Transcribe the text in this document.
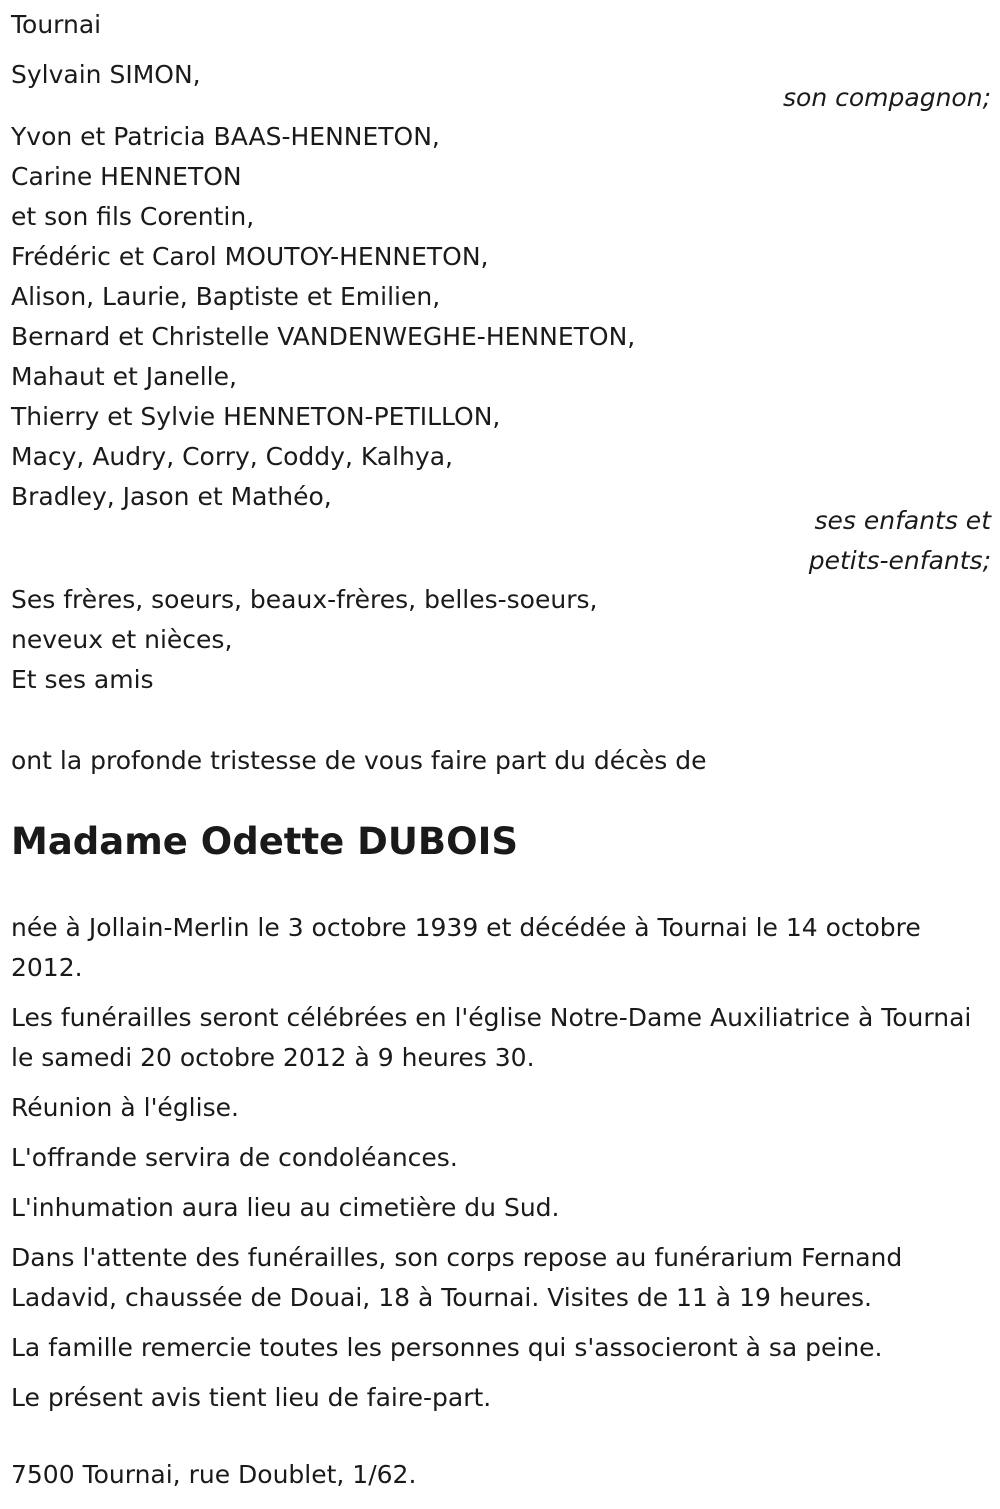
Tournai
Sylvain SIMON,
son compagnon;
Yvon et Patricia BAAS-HENNETON,
Carine HENNETON
et son fils Corentin,
Frédéric et Carol MOUTOY-HENNETON,
Alison, Laurie, Baptiste et Emilien,
Bernard et Christelle VANDENWEGHE-HENNETON,
Mahaut et Janelle,
Thierry et Sylvie HENNETON-PETILLON,
Macy, Audry, Corry, Coddy, Kalhya,
Bradley, Jason et Mathéo,
ses enfants et
petits-enfants;
Ses frères, soeurs, beaux-frères, belles-soeurs,
neveux et nièces,
Et ses amis
ont la profonde tristesse de vous faire part du décès de
Madame Odette DUBOIS

née à Jollain-Merlin le 3 octobre 1939 et décédée à Tournai le 14 octobre 2012.

Les funérailles seront célébrées en l'église Notre-Dame Auxiliatrice à Tournai le samedi 20 octobre 2012 à 9 heures 30.

Réunion à l'église.

L'offrande servira de condoléances.

L'inhumation aura lieu au cimetière du Sud.

Dans l'attente des funérailles, son corps repose au funérarium Fernand Ladavid, chaussée de Douai, 18 à Tournai. Visites de 11 à 19 heures.

La famille remercie toutes les personnes qui s'associeront à sa peine.

Le présent avis tient lieu de faire-part.

7500 Tournai, rue Doublet, 1/62.
